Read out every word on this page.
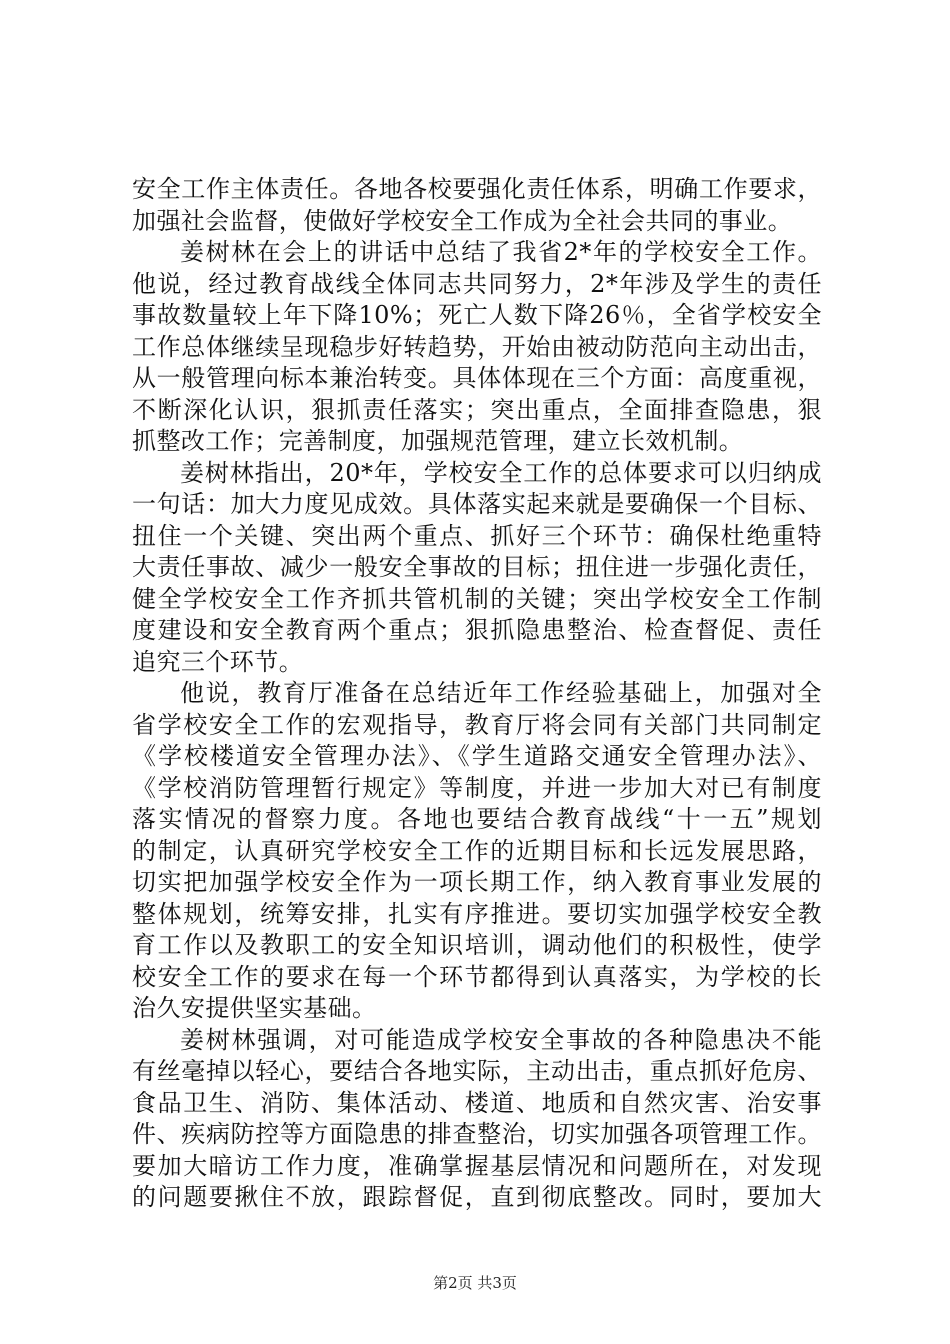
安全工作主体责任。各地各校要强化责任体系，明确工作要求，
加强社会监督，使做好学校安全工作成为全社会共同的事业。
姜树林在会上的讲话中总结了我省2*年的学校安全工作。
他说，经过教育战线全体同志共同努力，2*年涉及学生的责任
事故数量较上年下降10%；死亡人数下降26％，全省学校安全
工作总体继续呈现稳步好转趋势，开始由被动防范向主动出击，
从一般管理向标本兼治转变。具体体现在三个方面：高度重视，
不断深化认识，狠抓责任落实；突出重点，全面排查隐患，狠
抓整改工作；完善制度，加强规范管理，建立长效机制。
姜树林指出，20*年，学校安全工作的总体要求可以归纳成
一句话：加大力度见成效。具体落实起来就是要确保一个目标、
扭住一个关键、突出两个重点、抓好三个环节：确保杜绝重特
大责任事故、减少一般安全事故的目标；扭住进一步强化责任，
健全学校安全工作齐抓共管机制的关键；突出学校安全工作制
度建设和安全教育两个重点；狠抓隐患整治、检查督促、责任
追究三个环节。
他说，教育厅准备在总结近年工作经验基础上，加强对全
省学校安全工作的宏观指导，教育厅将会同有关部门共同制定
《学校楼道安全管理办法》、《学生道路交通安全管理办法》、
《学校消防管理暂行规定》等制度，并进一步加大对已有制度
落实情况的督察力度。各地也要结合教育战线“十一五”规划
的制定，认真研究学校安全工作的近期目标和长远发展思路，
切实把加强学校安全作为一项长期工作，纳入教育事业发展的
整体规划，统筹安排，扎实有序推进。要切实加强学校安全教
育工作以及教职工的安全知识培训，调动他们的积极性，使学
校安全工作的要求在每一个环节都得到认真落实，为学校的长
治久安提供坚实基础。
姜树林强调，对可能造成学校安全事故的各种隐患决不能
有丝毫掉以轻心，要结合各地实际，主动出击，重点抓好危房、
食品卫生、消防、集体活动、楼道、地质和自然灾害、治安事
件、疾病防控等方面隐患的排查整治，切实加强各项管理工作。
要加大暗访工作力度，准确掌握基层情况和问题所在，对发现
的问题要揪住不放，跟踪督促，直到彻底整改。同时，要加大
第2页 共3页
